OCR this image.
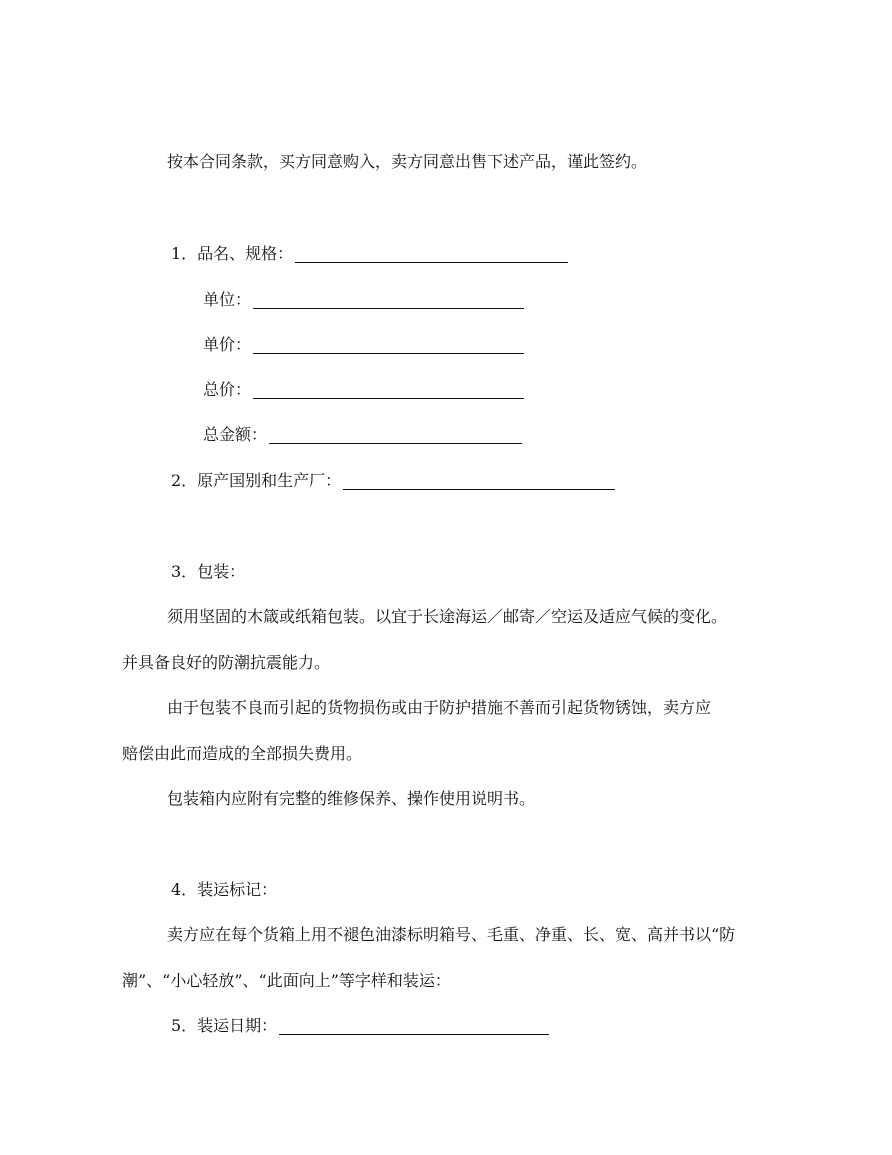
按本合同条款，买方同意购入，卖方同意出售下述产品，谨此签约。
1．品名、规格：
单位：
单价：
总价：
总金额：
2．原产国别和生产厂：
3．包装：
须用坚固的木箴或纸箱包装。以宜于长途海运／邮寄／空运及适应气候的变化。
并具备良好的防潮抗震能力。
由于包装不良而引起的货物损伤或由于防护措施不善而引起货物锈蚀，卖方应
赔偿由此而造成的全部损失费用。
包装箱内应附有完整的维修保养、操作使用说明书。
4．装运标记：
卖方应在每个货箱上用不褪色油漆标明箱号、毛重、净重、长、宽、高并书以“防
潮”、“小心轻放”、“此面向上”等字样和装运：
5．装运日期：
